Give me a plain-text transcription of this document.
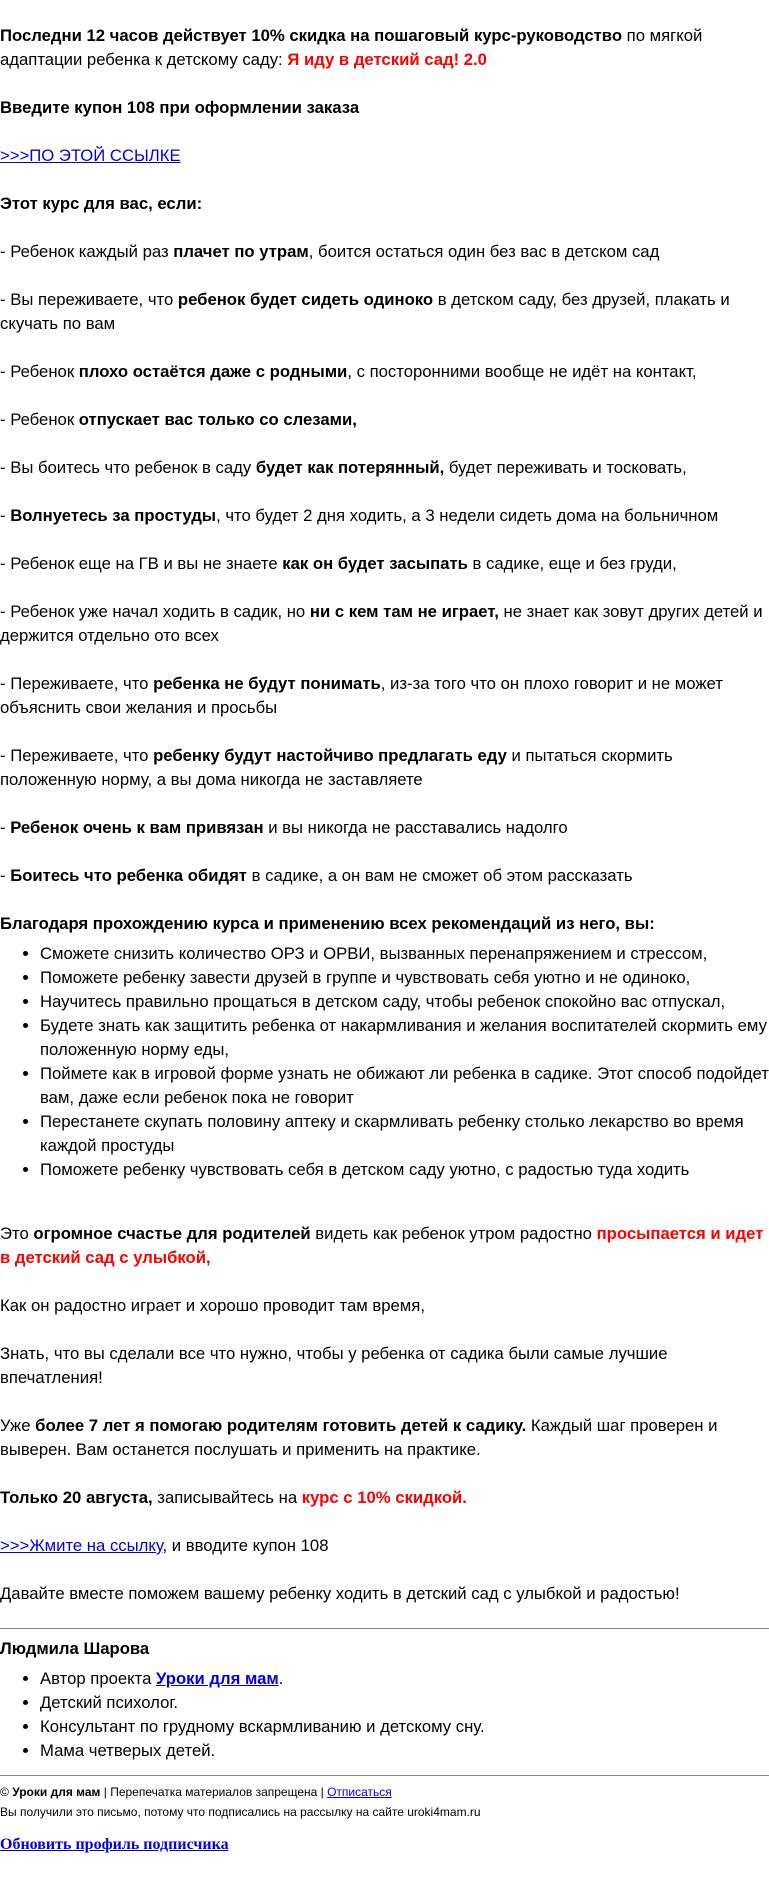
Последни 12 часов действует 10% скидка на пошаговый курс-руководство по мягкой адаптации ребенка к детскому саду: Я иду в детский сад! 2.0

Введите купон 108 при оформлении заказа

>>>ПО ЭТОЙ ССЫЛКЕ

Этот курс для вас, если:

- Ребенок каждый раз плачет по утрам, боится остаться один без вас в детском сад

- Вы переживаете, что ребенок будет сидеть одиноко в детском саду, без друзей, плакать и скучать по вам

- Ребенок плохо остаётся даже с родными, с посторонними вообще не идёт на контакт,

- Ребенок отпускает вас только со слезами,

- Вы боитесь что ребенок в саду будет как потерянный, будет переживать и тосковать,

- Волнуетесь за простуды, что будет 2 дня ходить, а 3 недели сидеть дома на больничном

- Ребенок еще на ГВ и вы не знаете как он будет засыпать в садике, еще и без груди,

- Ребенок уже начал ходить в садик, но ни с кем там не играет, не знает как зовут других детей и держится отдельно ото всех

- Переживаете, что ребенка не будут понимать, из-за того что он плохо говорит и не может объяснить свои желания и просьбы

- Переживаете, что ребенку будут настойчиво предлагать еду и пытаться скормить положенную норму, а вы дома никогда не заставляете

- Ребенок очень к вам привязан и вы никогда не расставались надолго

- Боитесь что ребенка обидят в садике, а он вам не сможет об этом рассказать

Благодаря прохождению курса и применению всех рекомендаций из него, вы:

• Сможете снизить количество ОРЗ и ОРВИ, вызванных перенапряжением и стрессом,
• Поможете ребенку завести друзей в группе и чувствовать себя уютно и не одиноко,
• Научитесь правильно прощаться в детском саду, чтобы ребенок спокойно вас отпускал,
• Будете знать как защитить ребенка от накармливания и желания воспитателей скормить ему положенную норму еды,
• Поймете как в игровой форме узнать не обижают ли ребенка в садике. Этот способ подойдет вам, даже если ребенок пока не говорит
• Перестанете скупать половину аптеку и скармливать ребенку столько лекарство во время каждой простуды
• Поможете ребенку чувствовать себя в детском саду уютно, с радостью туда ходить

Это огромное счастье для родителей видеть как ребенок утром радостно просыпается и идет в детский сад с улыбкой,

Как он радостно играет и хорошо проводит там время,

Знать, что вы сделали все что нужно, чтобы у ребенка от садика были самые лучшие впечатления!

Уже более 7 лет я помогаю родителям готовить детей к садику. Каждый шаг проверен и выверен. Вам останется послушать и применить на практике.

Только 20 августа, записывайтесь на курс с 10% скидкой.

>>>Жмите на ссылку, и вводите купон 108

Давайте вместе поможем вашему ребенку ходить в детский сад с улыбкой и радостью!

Людмила Шарова

• Автор проекта Уроки для мам.
• Детский психолог.
• Консультант по грудному вскармливанию и детскому сну.
• Мама четверых детей.

© Уроки для мам | Перепечатка материалов запрещена | Отписаться

Вы получили это письмо, потому что подписались на рассылку на сайте uroki4mam.ru

Обновить профиль подписчика
